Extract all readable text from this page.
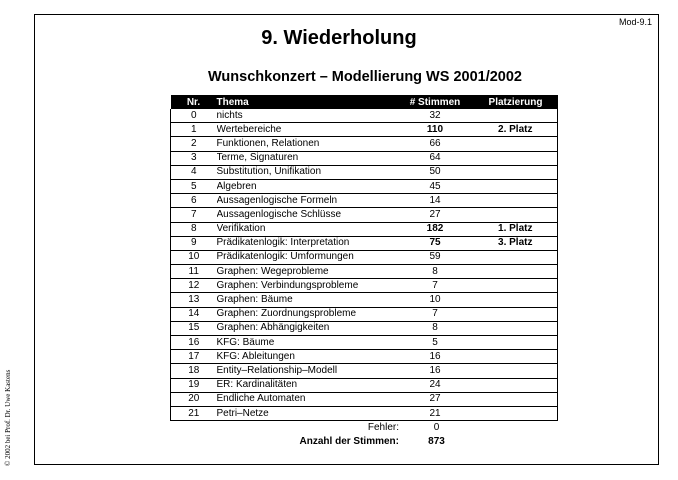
Mod-9.1
© 2002 bei Prof. Dr. Uwe Kastens
9. Wiederholung
Wunschkonzert – Modellierung WS 2001/2002
Nr.	Thema	# Stimmen	Platzierung
0	nichts	32	
1	Wertebereiche	110	2. Platz
2	Funktionen, Relationen	66	
3	Terme, Signaturen	64	
4	Substitution, Unifikation	50	
5	Algebren	45	
6	Aussagenlogische Formeln	14	
7	Aussagenlogische Schlüsse	27	
8	Verifikation	182	1. Platz
9	Prädikatenlogik: Interpretation	75	3. Platz
10	Prädikatenlogik: Umformungen	59	
11	Graphen: Wegeprobleme	8	
12	Graphen: Verbindungsprobleme	7	
13	Graphen: Bäume	10	
14	Graphen: Zuordnungsprobleme	7	
15	Graphen: Abhängigkeiten	8	
16	KFG: Bäume	5	
17	KFG: Ableitungen	16	
18	Entity–Relationship–Modell	16	
19	ER: Kardinalitäten	24	
20	Endliche Automaten	27	
21	Petri–Netze	21	
Fehler:	0
Anzahl der Stimmen:	873
